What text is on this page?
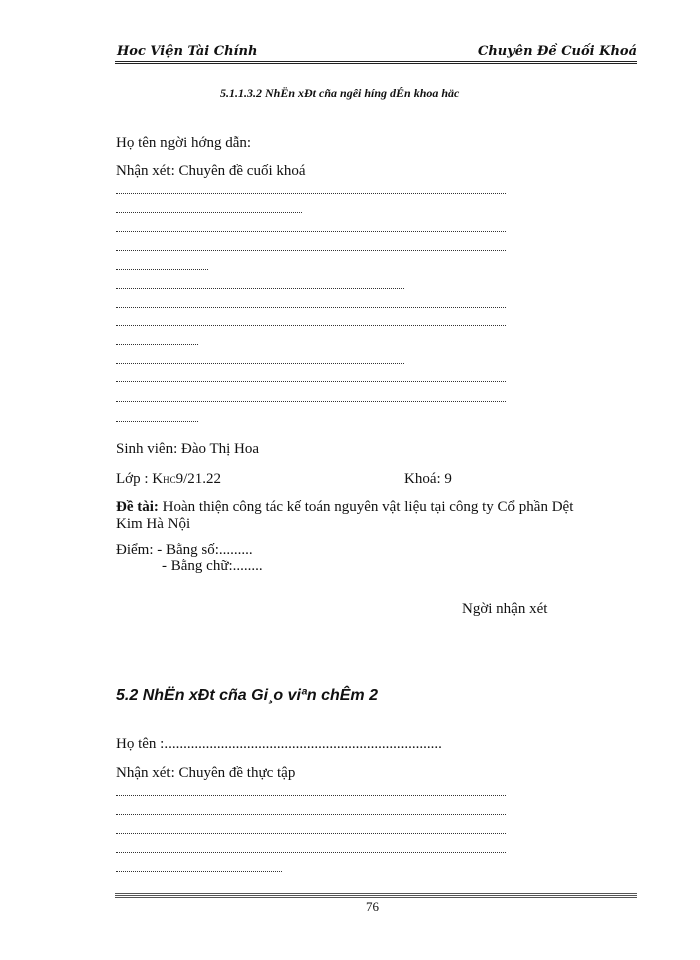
Hoc Viện Tài Chính	Chuyên Đề Cuối Khoá
5.1.1.3.2 NhËn xÐt cña ngêi híng dÉn khoa häc
Họ tên ngời hớng dẫn:
Nhận xét: Chuyên đề cuối khoá
Sinh viên: Đào Thị Hoa
Lớp : KHC9/21.22	Khoá: 9
Đề tài: Hoàn thiện công tác kế toán nguyên vật liệu tại công ty Cổ phần Dệt
Kim Hà Nội
Điểm: - Bằng số:.........
- Bằng chữ:........
Ngời nhận xét
5.2 NhËn xÐt cña Gi¸o viªn chÊm 2
Họ tên :..........................................................................
Nhận xét: Chuyên đề thực tập
76
